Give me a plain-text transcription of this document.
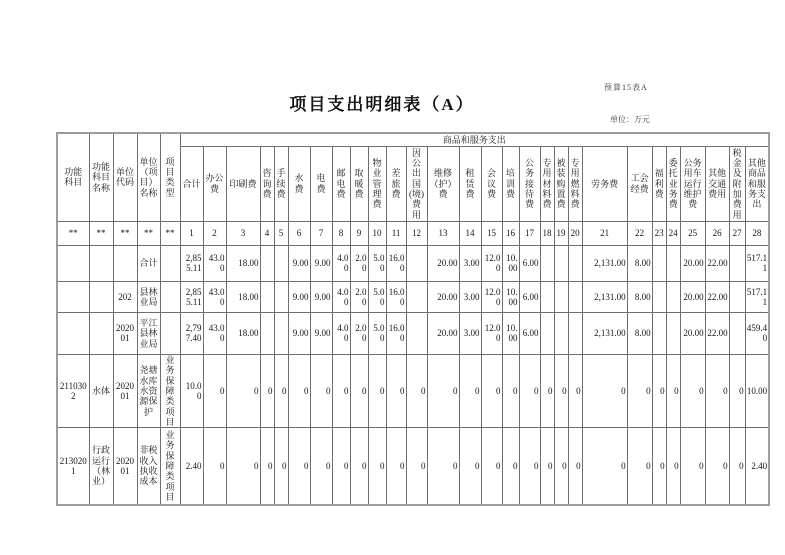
预算15表A
项目支出明细表（A）
单位：万元
功能科目	功能科目名称	单位代码	单位（项目）名称	项目类型	商品和服务支出																											
					合计	办公费	印刷费	咨询费	手续费	水费	电费	邮电费	取暖费	物业管理费	差旅费	因公出国(境)费用	维修（护）费	租赁费	会议费	培训费	公务接待费	专用材料费	被装购置费	专用燃料费	劳务费	工会经费	福利费	委托业务费	公务用车运行维护费	其他交通费用	税金及附加费用	其他商品和服务支出
**	**	**	**	**	1	2	3	4	5	6	7	8	9	10	11	12	13	14	15	16	17	18	19	20	21	22	23	24	25	26	27	28
			合计		2,855.11	43.00	18.00			9.00	9.00	4.00	2.00	5.00	16.00		20.00	3.00	12.00	10.00	6.00				2,131.00	8.00			20.00	22.00		517.11
		202	县林业局		2,855.11	43.00	18.00			9.00	9.00	4.00	2.00	5.00	16.00		20.00	3.00	12.00	10.00	6.00				2,131.00	8.00			20.00	22.00		517.11
		202001	平江县林业局		2,797.40	43.00	18.00			9.00	9.00	4.00	2.00	5.00	16.00		20.00	3.00	12.00	10.00	6.00				2,131.00	8.00			20.00	22.00		459.40
2110302	水体	202001	尧塘水库水资源保护	业务保障类项目	10.00	0	0	0	0	0	0	0	0	0	0	0	0	0	0	0	0	0	0	0	0	0	0	0	0	0	0	10.00
2130201	行政运行（林业）	202001	非税收入执收成本	业务保障类项目	2.40	0	0	0	0	0	0	0	0	0	0	0	0	0	0	0	0	0	0	0	0	0	0	0	0	0	0	2.40
